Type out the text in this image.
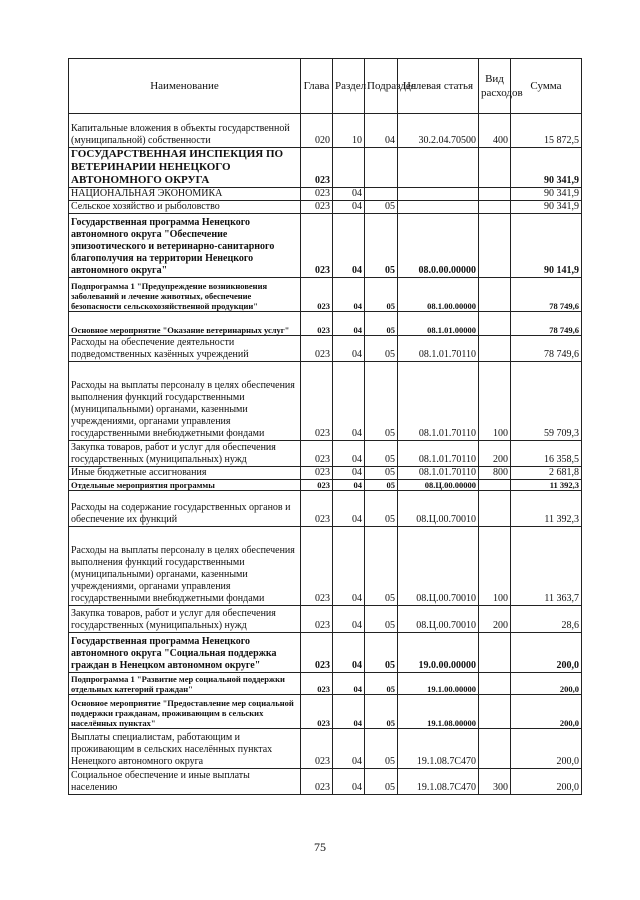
Наименование	Глава	Раздел	Подраздел	Целевая статья	Вид расходов	Сумма
Капитальные вложения в объекты государственной (муниципальной) собственности	020	10	04	30.2.04.70500	400	15 872,5
ГОСУДАРСТВЕННАЯ ИНСПЕКЦИЯ ПО ВЕТЕРИНАРИИ НЕНЕЦКОГО АВТОНОМНОГО ОКРУГА	023					90 341,9
НАЦИОНАЛЬНАЯ ЭКОНОМИКА	023	04				90 341,9
Сельское хозяйство и рыболовство	023	04	05			90 341,9
Государственная программа Ненецкого автономного округа "Обеспечение эпизоотического и ветеринарно-санитарного благополучия на территории Ненецкого автономного округа"	023	04	05	08.0.00.00000		90 141,9
Подпрограмма 1 "Предупреждение возникновения заболеваний и лечение животных, обеспечение безопасности сельскохозяйственной продукции"	023	04	05	08.1.00.00000		78 749,6
Основное мероприятие "Оказание ветеринарных услуг"	023	04	05	08.1.01.00000		78 749,6
Расходы на обеспечение деятельности подведомственных казённых учреждений	023	04	05	08.1.01.70110		78 749,6
Расходы на выплаты персоналу в целях обеспечения выполнения функций государственными (муниципальными) органами, казенными учреждениями, органами управления государственными внебюджетными фондами	023	04	05	08.1.01.70110	100	59 709,3
Закупка товаров, работ и услуг для обеспечения государственных (муниципальных) нужд	023	04	05	08.1.01.70110	200	16 358,5
Иные бюджетные ассигнования	023	04	05	08.1.01.70110	800	2 681,8
Отдельные мероприятия программы	023	04	05	08.Ц.00.00000		11 392,3
Расходы на содержание государственных органов и обеспечение их функций	023	04	05	08.Ц.00.70010		11 392,3
Расходы на выплаты персоналу в целях обеспечения выполнения функций государственными (муниципальными) органами, казенными учреждениями, органами управления государственными внебюджетными фондами	023	04	05	08.Ц.00.70010	100	11 363,7
Закупка товаров, работ и услуг для обеспечения государственных (муниципальных) нужд	023	04	05	08.Ц.00.70010	200	28,6
Государственная программа Ненецкого автономного округа "Социальная поддержка граждан в Ненецком автономном округе"	023	04	05	19.0.00.00000		200,0
Подпрограмма 1 "Развитие мер социальной поддержки отдельных категорий граждан"	023	04	05	19.1.00.00000		200,0
Основное мероприятие "Предоставление мер социальной поддержки гражданам, проживающим в сельских населённых пунктах"	023	04	05	19.1.08.00000		200,0
Выплаты специалистам, работающим и проживающим в сельских населённых пунктах Ненецкого автономного округа	023	04	05	19.1.08.7С470		200,0
Социальное обеспечение и иные выплаты населению	023	04	05	19.1.08.7С470	300	200,0
75
